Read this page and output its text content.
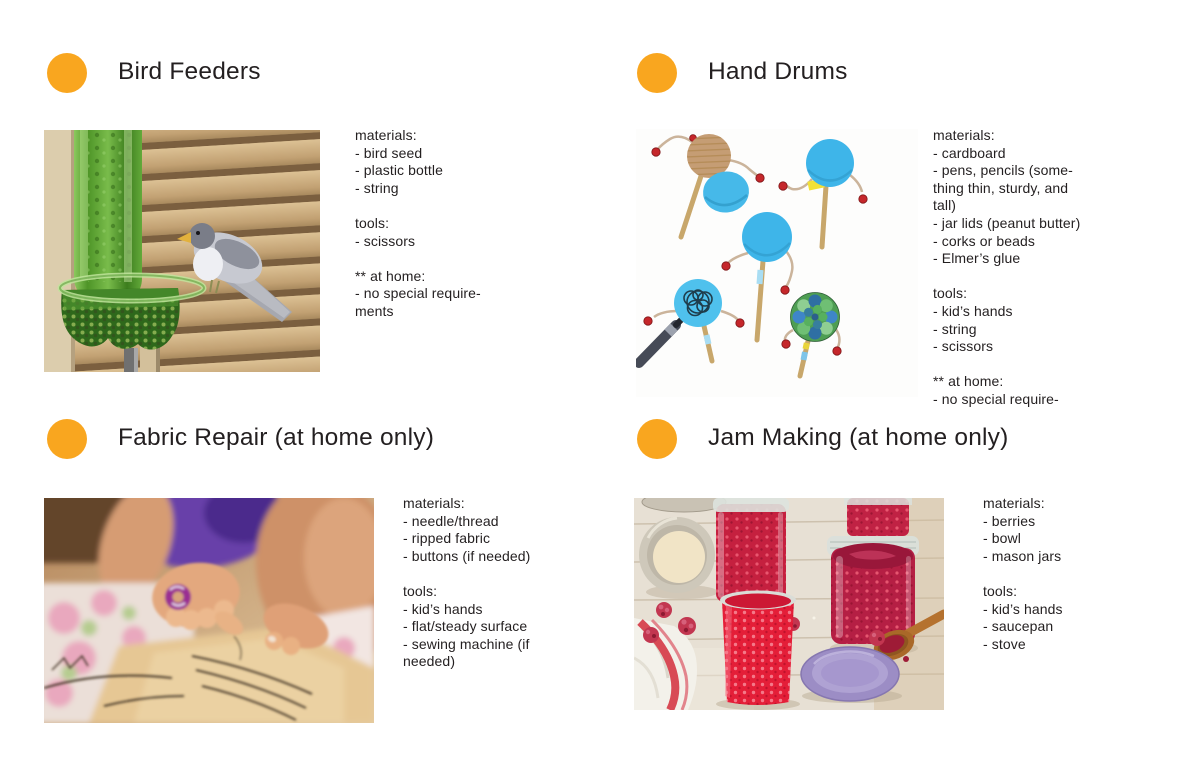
Bird Feeders
materials:
- bird seed
- plastic bottle
- string
tools:
- scissors
** at home:
- no special require-
ments
Hand Drums
materials:
- cardboard
- pens, pencils (some-
thing thin, sturdy, and
tall)
- jar lids (peanut butter)
- corks or beads
- Elmer’s glue
tools:
- kid’s hands
- string
- scissors
** at home:
- no special require-
Fabric Repair (at home only)
materials:
- needle/thread
- ripped fabric
- buttons (if needed)
tools:
- kid’s hands
- flat/steady surface
- sewing machine (if
needed)
Jam Making (at home only)
materials:
- berries
- bowl
- mason jars
tools:
- kid’s hands
- saucepan
- stove
